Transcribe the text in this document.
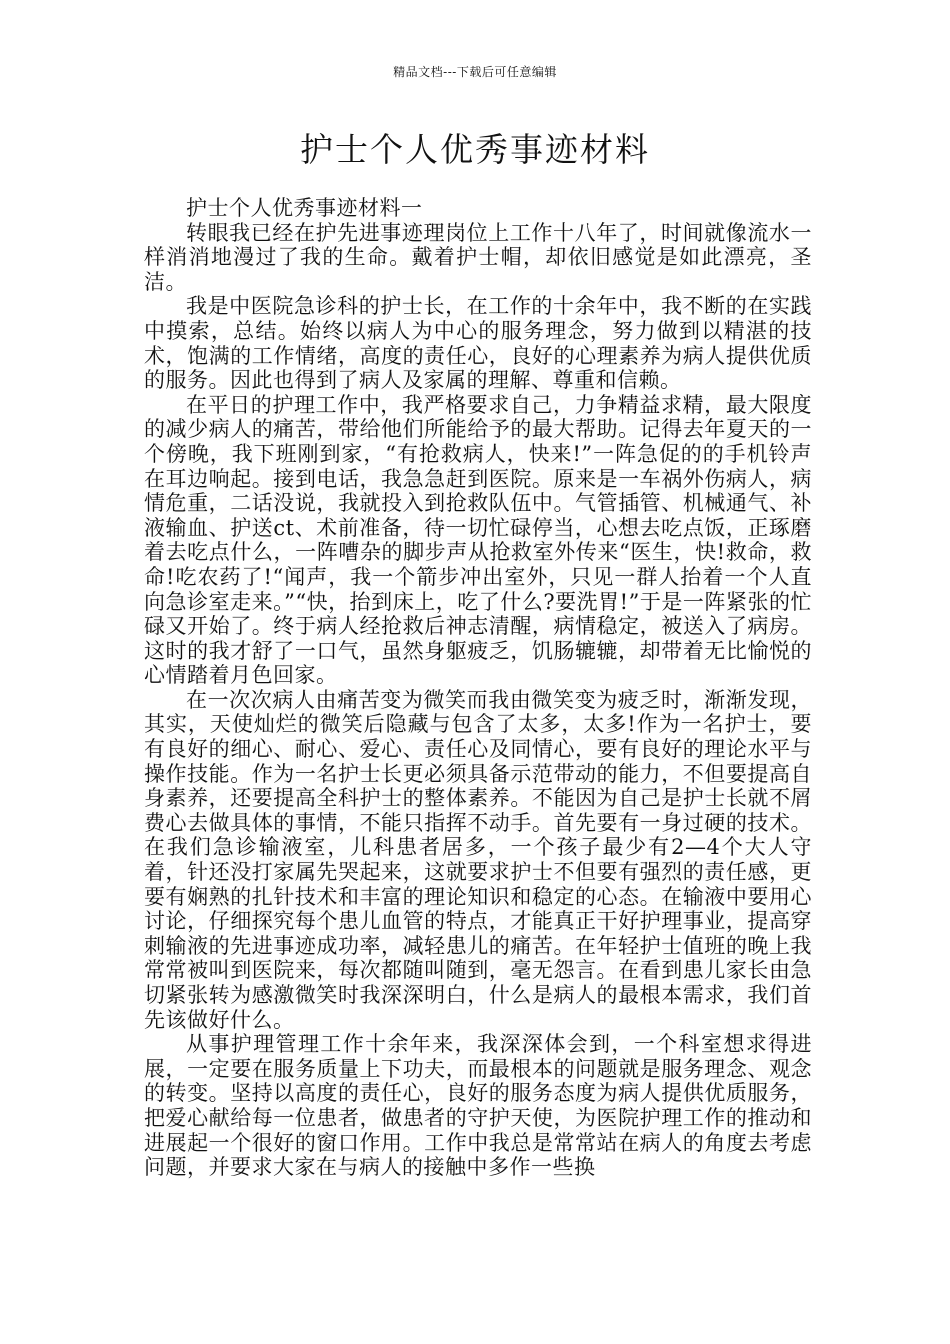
精品文档---下载后可任意编辑
护士个人优秀事迹材料

护士个人优秀事迹材料一

转眼我已经在护先进事迹理岗位上工作十八年了，时间就像流水一样消消地漫过了我的生命。戴着护士帽，却依旧感觉是如此漂亮，圣洁。

我是中医院急诊科的护士长，在工作的十余年中，我不断的在实践中摸索，总结。始终以病人为中心的服务理念，努力做到以精湛的技术，饱满的工作情绪，高度的责任心，良好的心理素养为病人提供优质的服务。因此也得到了病人及家属的理解、尊重和信赖。

在平日的护理工作中，我严格要求自己，力争精益求精，最大限度的减少病人的痛苦，带给他们所能给予的最大帮助。记得去年夏天的一个傍晚，我下班刚到家，“有抢救病人，快来!”一阵急促的的手机铃声在耳边响起。接到电话，我急急赶到医院。原来是一车祸外伤病人，病情危重，二话没说，我就投入到抢救队伍中。气管插管、机械通气、补液输血、护送ct、术前准备，待一切忙碌停当，心想去吃点饭，正琢磨着去吃点什么，一阵嘈杂的脚步声从抢救室外传来“医生，快!救命，救命!吃农药了!“闻声，我一个箭步冲出室外，只见一群人抬着一个人直向急诊室走来。”“快，抬到床上，吃了什么?要洗胃!”于是一阵紧张的忙碌又开始了。终于病人经抢救后神志清醒，病情稳定，被送入了病房。这时的我才舒了一口气，虽然身躯疲乏，饥肠辘辘，却带着无比愉悦的心情踏着月色回家。

在一次次病人由痛苦变为微笑而我由微笑变为疲乏时，渐渐发现，其实，天使灿烂的微笑后隐藏与包含了太多，太多!作为一名护士，要有良好的细心、耐心、爱心、责任心及同情心，要有良好的理论水平与操作技能。作为一名护士长更必须具备示范带动的能力，不但要提高自身素养，还要提高全科护士的整体素养。不能因为自己是护士长就不屑费心去做具体的事情，不能只指挥不动手。首先要有一身过硬的技术。在我们急诊输液室，儿科患者居多，一个孩子最少有2—4个大人守着，针还没打家属先哭起来，这就要求护士不但要有强烈的责任感，更要有娴熟的扎针技术和丰富的理论知识和稳定的心态。在输液中要用心讨论，仔细探究每个患儿血管的特点，才能真正干好护理事业，提高穿刺输液的先进事迹成功率，减轻患儿的痛苦。在年轻护士值班的晚上我常常被叫到医院来，每次都随叫随到，毫无怨言。在看到患儿家长由急切紧张转为感激微笑时我深深明白，什么是病人的最根本需求，我们首先该做好什么。

从事护理管理工作十余年来，我深深体会到，一个科室想求得进展，一定要在服务质量上下功夫，而最根本的问题就是服务理念、观念的转变。坚持以高度的责任心，良好的服务态度为病人提供优质服务，把爱心献给每一位患者，做患者的守护天使，为医院护理工作的推动和进展起一个很好的窗口作用。工作中我总是常常站在病人的角度去考虑问题，并要求大家在与病人的接触中多作一些换
